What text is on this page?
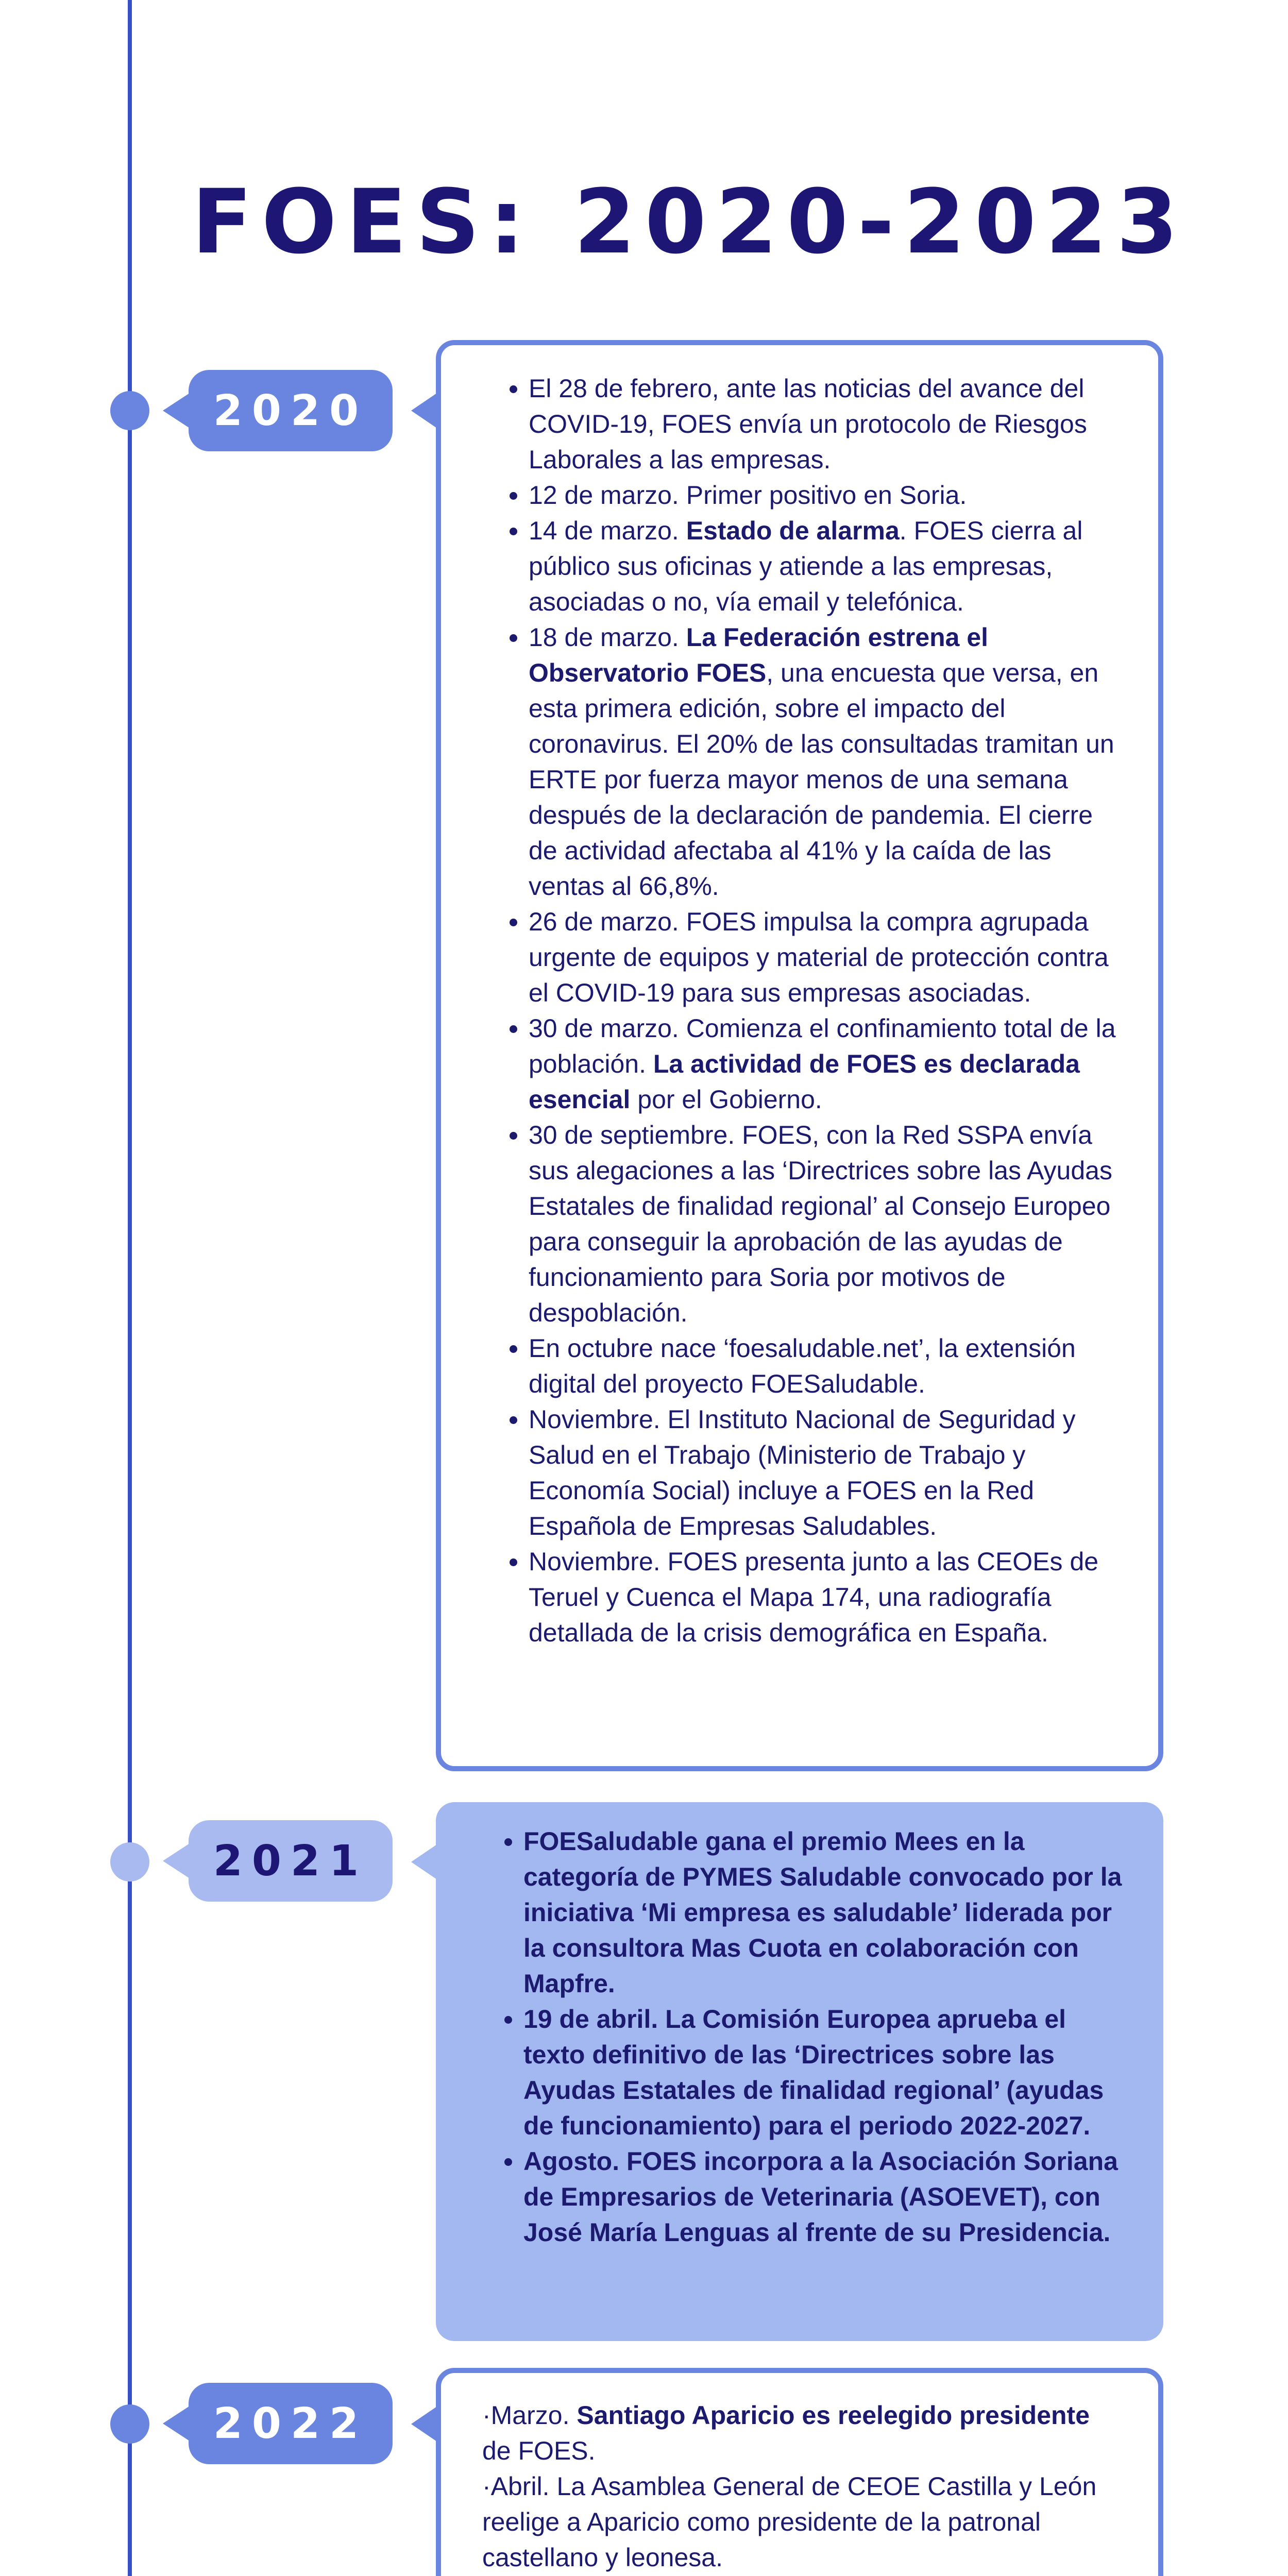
FOES: 2020-2023
2020	• El 28 de febrero, ante las noticias del avance del COVID-19, FOES envía un protocolo de Riesgos Laborales a las empresas.
• 12 de marzo. Primer positivo en Soria.
• 14 de marzo. Estado de alarma. FOES cierra al público sus oficinas y atiende a las empresas, asociadas o no, vía email y telefónica.
• 18 de marzo. La Federación estrena el Observatorio FOES, una encuesta que versa, en esta primera edición, sobre el impacto del coronavirus. El 20% de las consultadas tramitan un ERTE por fuerza mayor menos de una semana después de la declaración de pandemia. El cierre de actividad afectaba al 41% y la caída de las ventas al 66,8%.
• 26 de marzo. FOES impulsa la compra agrupada urgente de equipos y material de protección contra el COVID-19 para sus empresas asociadas.
• 30 de marzo. Comienza el confinamiento total de la población. La actividad de FOES es declarada esencial por el Gobierno.
• 30 de septiembre. FOES, con la Red SSPA envía sus alegaciones a las ‘Directrices sobre las Ayudas Estatales de finalidad regional’ al Consejo Europeo para conseguir la aprobación de las ayudas de funcionamiento para Soria por motivos de despoblación.
• En octubre nace ‘foesaludable.net’, la extensión digital del proyecto FOESaludable.
• Noviembre. El Instituto Nacional de Seguridad y Salud en el Trabajo (Ministerio de Trabajo y Economía Social) incluye a FOES en la Red Española de Empresas Saludables.
• Noviembre. FOES presenta junto a las CEOEs de Teruel y Cuenca el Mapa 174, una radiografía detallada de la crisis demográfica en España.
2021	• FOESaludable gana el premio Mees en la categoría de PYMES Saludable convocado por la iniciativa ‘Mi empresa es saludable’ liderada por la consultora Mas Cuota en colaboración con Mapfre.
• 19 de abril. La Comisión Europea aprueba el texto definitivo de las ‘Directrices sobre las Ayudas Estatales de finalidad regional’ (ayudas de funcionamiento) para el periodo 2022-2027.
• Agosto. FOES incorpora a la Asociación Soriana de Empresarios de Veterinaria (ASOEVET), con José María Lenguas al frente de su Presidencia.
2022	·Marzo. Santiago Aparicio es reelegido presidente de FOES.

·Abril. La Asamblea General de CEOE Castilla y León reelige a Aparicio como presidente de la patronal castellano y leonesa.
